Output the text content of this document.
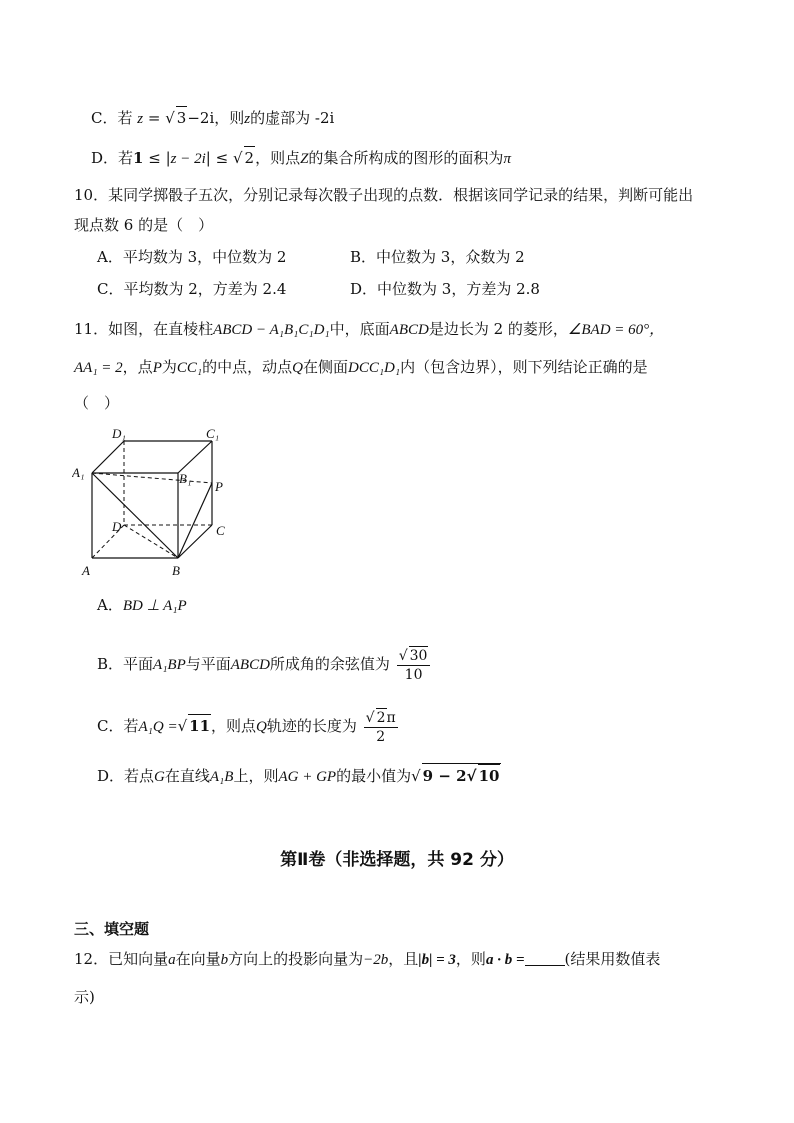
C．若 z = √ 3−2i，则z的虚部为 -2i
D．若1 ≤ |z − 2i| ≤ √ 2，则点Z的集合所构成的图形的面积为π
10．某同学掷骰子五次，分别记录每次骰子出现的点数．根据该同学记录的结果，判断可能出
现点数 6 的是（　）
A．平均数为 3，中位数为 2	B．中位数为 3，众数为 2
C．平均数为 2，方差为 2.4	D．中位数为 3，方差为 2.8
11．如图，在直棱柱ABCD − A₁B₁C₁D₁中，底面ABCD是边长为 2 的菱形，∠BAD = 60°，
AA₁ = 2，点P为CC₁的中点，动点Q在侧面DCC₁D₁内（包含边界），则下列结论正确的是
（　）
D₁	C₁
A₁	B₁
P
D	C
A	B
A．BD ⊥ A₁P
B．平面A₁BP与平面ABCD所成角的余弦值为 $\frac{√ 30}{10}$
C．若A₁Q =√ 11，则点Q轨迹的长度为 $\frac{√ 2\pi}{2}$
D．若点G在直线A₁B上，则AG + GP的最小值为√ 9 − 2√ 10
第Ⅱ卷（非选择题，共 92 分）
三、填空题
12．已知向量a在向量b方向上的投影向量为−2b，且|b| = 3，则a · b =	(结果用数值表
示)
